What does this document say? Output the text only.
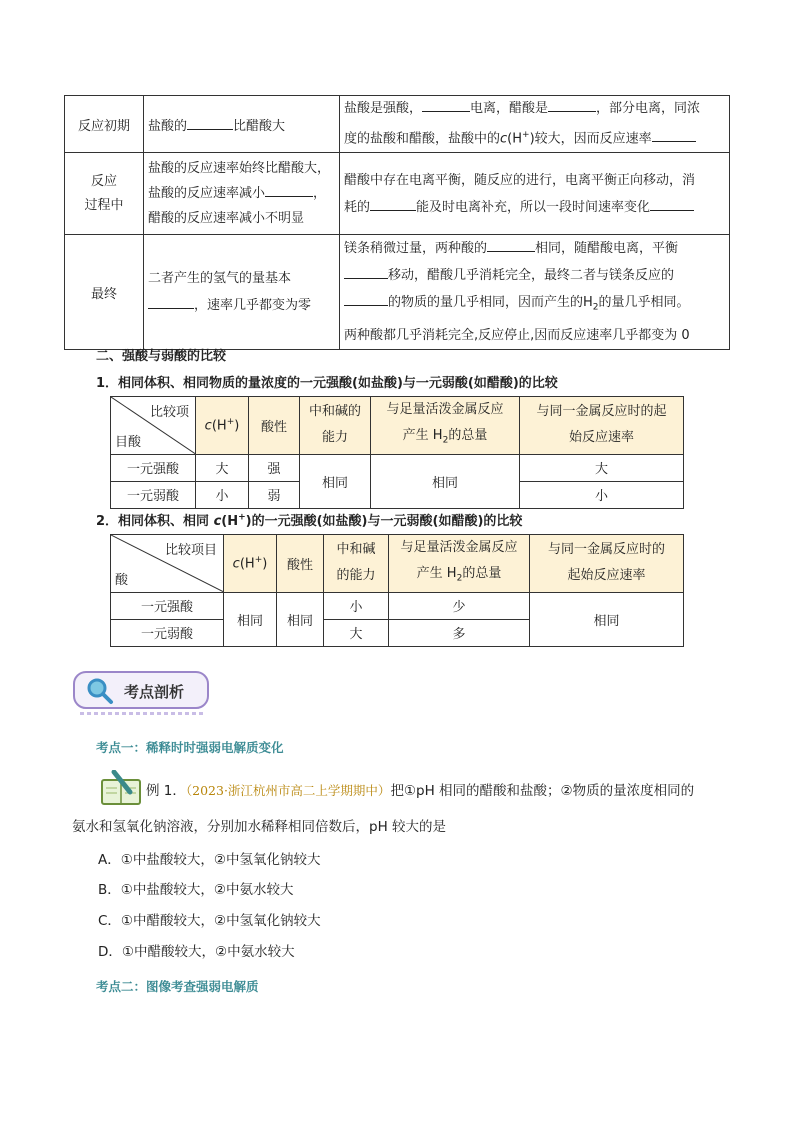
反应初期	盐酸的 比醋酸大	盐酸是强酸， 电离，醋酸是 ，部分电离，同浓
度的盐酸和醋酸，盐酸中的c(H+)较大，因而反应速率
反应
过程中	盐酸的反应速率始终比醋酸大，
盐酸的反应速率减小 ，
醋酸的反应速率减小不明显	醋酸中存在电离平衡，随反应的进行，电离平衡正向移动，消
耗的 能及时电离补充，所以一段时间速率变化
最终	二者产生的氢气的量基本
，速率几乎都变为零	镁条稍微过量，两种酸的 相同，随醋酸电离，平衡
移动，醋酸几乎消耗完全，最终二者与镁条反应的
的物质的量几乎相同，因而产生的$H_2$的量几乎相同。
两种酸都几乎消耗完全,反应停止,因而反应速率几乎都变为 0
二、强酸与弱酸的比较
1．相同体积、相同物质的量浓度的一元强酸(如盐酸)与一元弱酸(如醋酸)的比较
比较项
目酸	c(H+)	酸性	中和碱的
能力	与足量活泼金属反应
产生 $H_2$的总量	与同一金属反应时的起
始反应速率
一元强酸	大	强	相同	相同	大
一元弱酸	小	弱			小
2．相同体积、相同 c(H+)的一元强酸(如盐酸)与一元弱酸(如醋酸)的比较
比较项目
酸	c(H+)	酸性	中和碱
的能力	与足量活泼金属反应
产生 $H_2$的总量	与同一金属反应时的
起始反应速率
一元强酸	相同	相同	小	少	相同
一元弱酸			大	多	
考点剖析
考点一：稀释时时强弱电解质变化
例 1．（2023·浙江杭州市高二上学期期中）把①pH 相同的醋酸和盐酸；②物质的量浓度相同的
氨水和氢氧化钠溶液，分别加水稀释相同倍数后，pH 较大的是
A．①中盐酸较大，②中氢氧化钠较大
B．①中盐酸较大，②中氨水较大
C．①中醋酸较大，②中氢氧化钠较大
D．①中醋酸较大，②中氨水较大
考点二：图像考查强弱电解质
